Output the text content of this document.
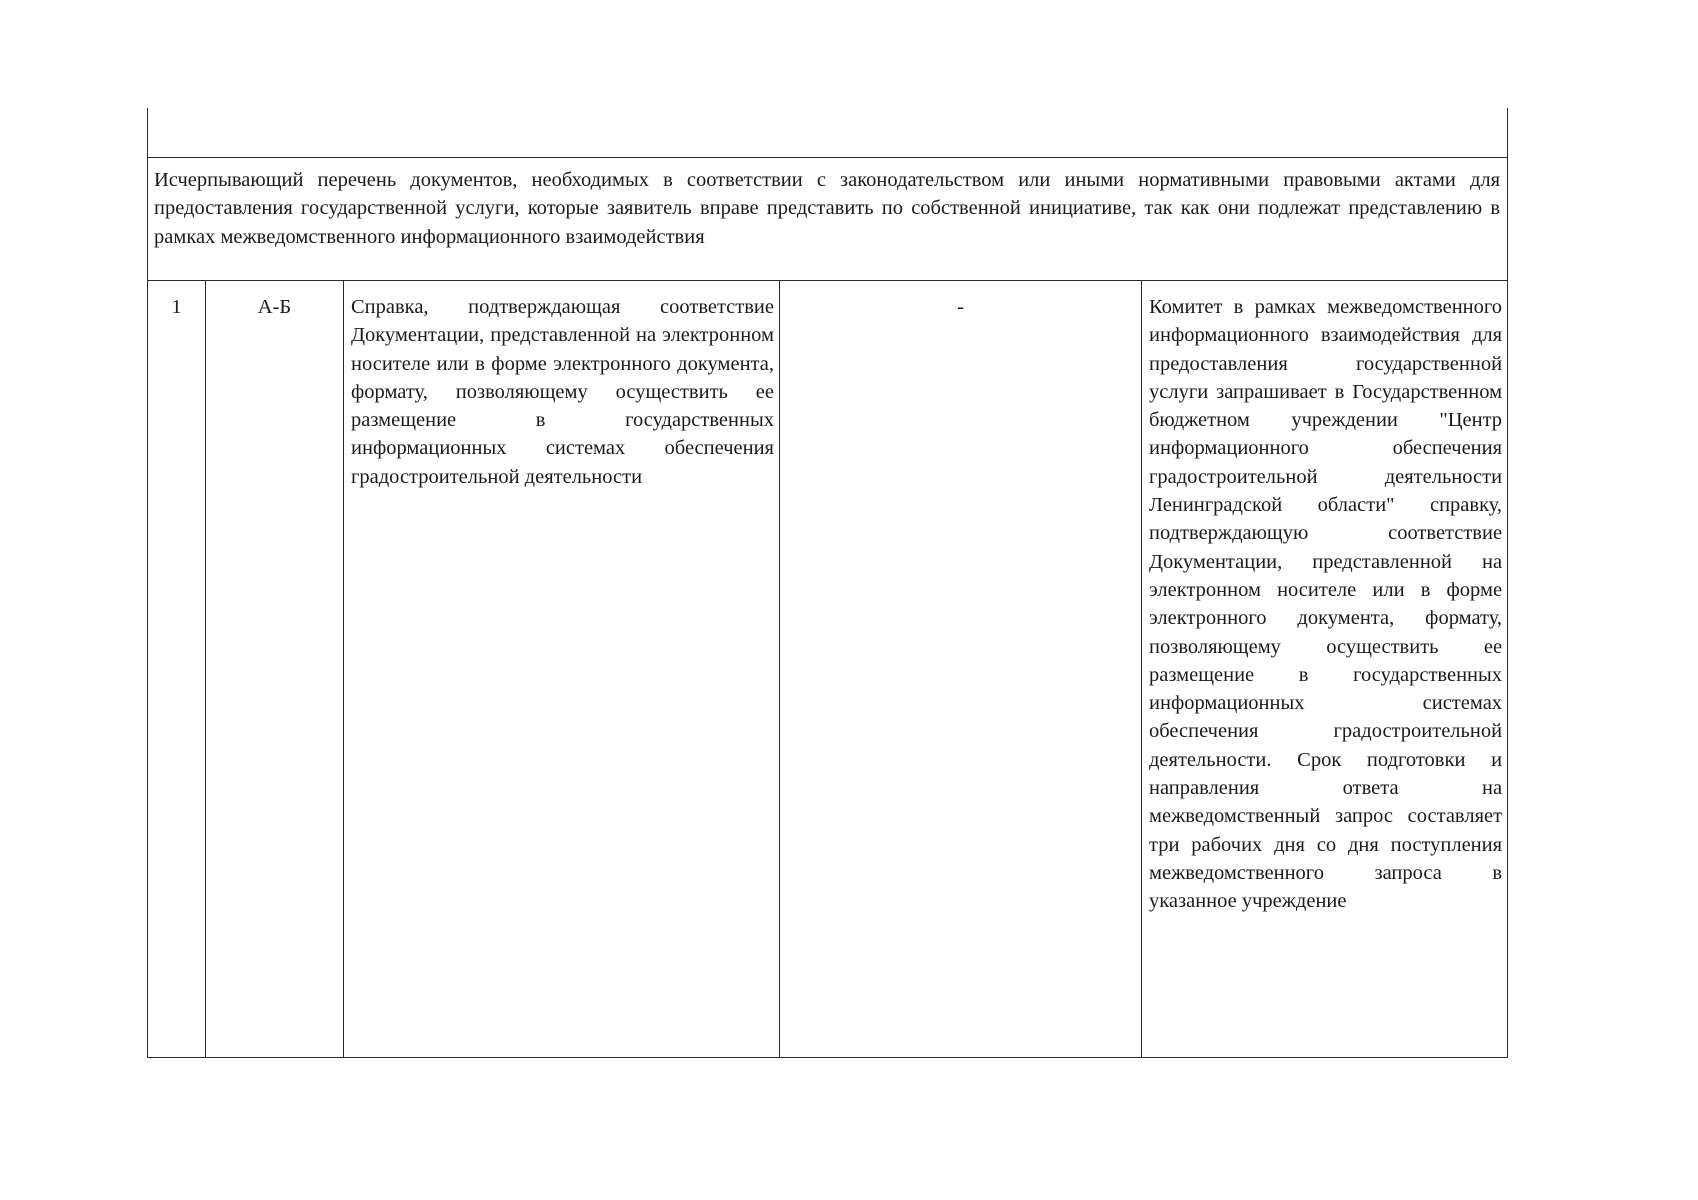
Исчерпывающий перечень документов, необходимых в соответствии с законодательством или иными нормативными правовыми актами для предоставления государственной услуги, которые заявитель вправе представить по собственной инициативе, так как они подлежат представлению в рамках межведомственного информационного взаимодействия
1	А-Б	Справка, подтверждающая соответствие Документации, представленной на электронном носителе или в форме электронного документа, формату, позволяющему осуществить ее размещение в государственных информационных системах обеспечения градостроительной деятельности	-	Комитет в рамках межведомственного информационного взаимодействия для предоставления государственной услуги запрашивает в Государственном бюджетном учреждении "Центр информационного обеспечения градостроительной деятельности Ленинградской области" справку, подтверждающую соответствие Документации, представленной на электронном носителе или в форме электронного документа, формату, позволяющему осуществить ее размещение в государственных информационных системах обеспечения градостроительной деятельности. Срок подготовки и направления ответа на межведомственный запрос составляет три рабочих дня со дня поступления межведомственного запроса в указанное учреждение
